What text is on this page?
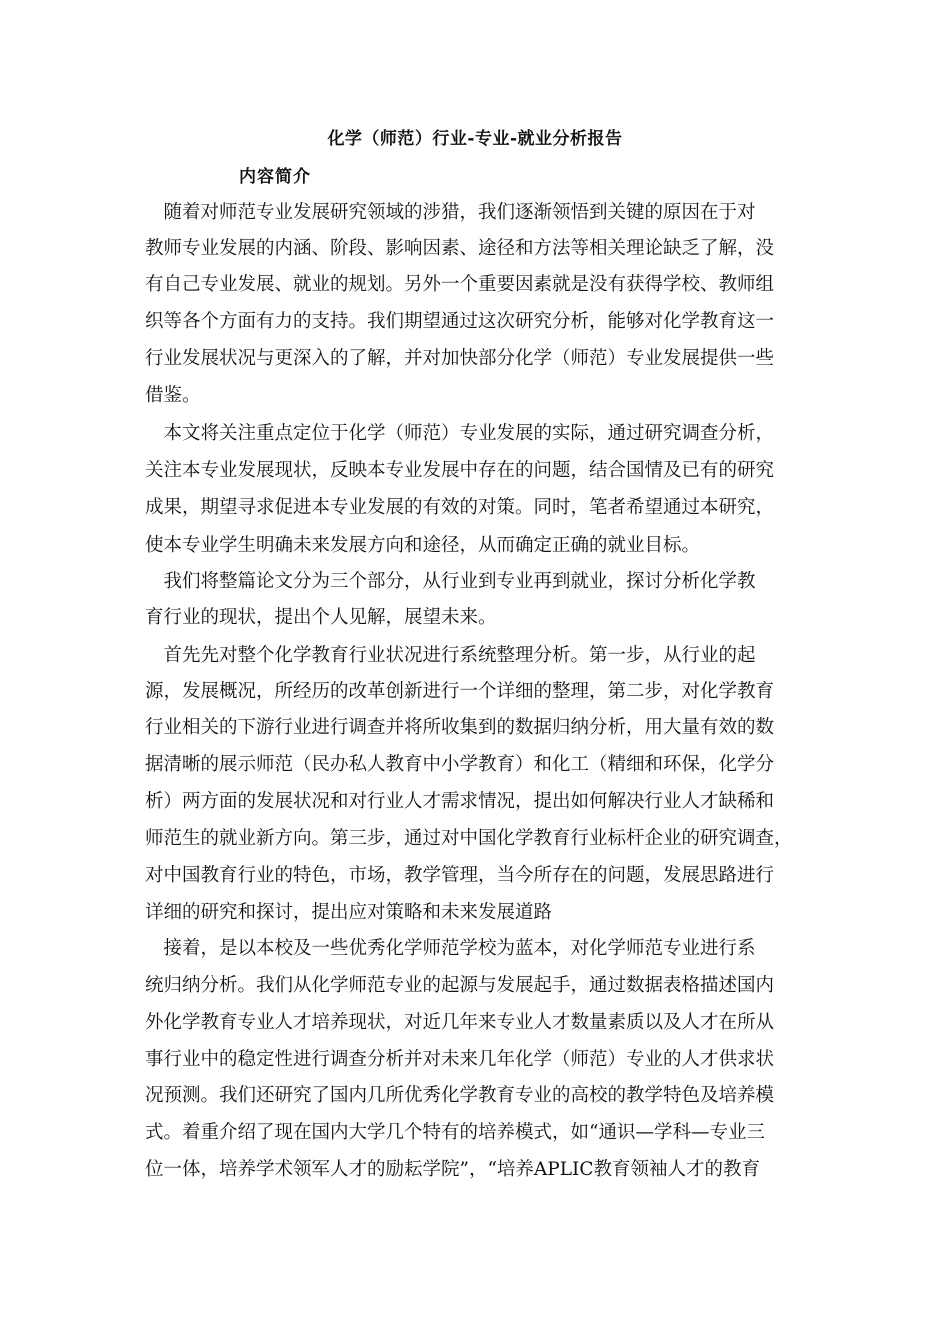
化学（师范）行业-专业-就业分析报告
内容简介
　随着对师范专业发展研究领域的涉猎，我们逐渐领悟到关键的原因在于对
教师专业发展的内涵、阶段、影响因素、途径和方法等相关理论缺乏了解，没
有自己专业发展、就业的规划。另外一个重要因素就是没有获得学校、教师组
织等各个方面有力的支持。我们期望通过这次研究分析，能够对化学教育这一
行业发展状况与更深入的了解，并对加快部分化学（师范）专业发展提供一些
借鉴。
　本文将关注重点定位于化学（师范）专业发展的实际，通过研究调查分析，
关注本专业发展现状，反映本专业发展中存在的问题，结合国情及已有的研究
成果，期望寻求促进本专业发展的有效的对策。同时，笔者希望通过本研究，
使本专业学生明确未来发展方向和途径，从而确定正确的就业目标。
　我们将整篇论文分为三个部分，从行业到专业再到就业，探讨分析化学教
育行业的现状，提出个人见解，展望未来。
　首先先对整个化学教育行业状况进行系统整理分析。第一步，从行业的起
源，发展概况，所经历的改革创新进行一个详细的整理，第二步，对化学教育
行业相关的下游行业进行调查并将所收集到的数据归纳分析，用大量有效的数
据清晰的展示师范（民办私人教育中小学教育）和化工（精细和环保，化学分
析）两方面的发展状况和对行业人才需求情况，提出如何解决行业人才缺稀和
师范生的就业新方向。第三步，通过对中国化学教育行业标杆企业的研究调查，
对中国教育行业的特色，市场，教学管理，当今所存在的问题，发展思路进行
详细的研究和探讨，提出应对策略和未来发展道路
　接着，是以本校及一些优秀化学师范学校为蓝本，对化学师范专业进行系
统归纳分析。我们从化学师范专业的起源与发展起手，通过数据表格描述国内
外化学教育专业人才培养现状，对近几年来专业人才数量素质以及人才在所从
事行业中的稳定性进行调查分析并对未来几年化学（师范）专业的人才供求状
况预测。我们还研究了国内几所优秀化学教育专业的高校的教学特色及培养模
式。着重介绍了现在国内大学几个特有的培养模式，如“通识—学科—专业三
位一体，培养学术领军人才的励耘学院”，“培养APLIC教育领袖人才的教育
